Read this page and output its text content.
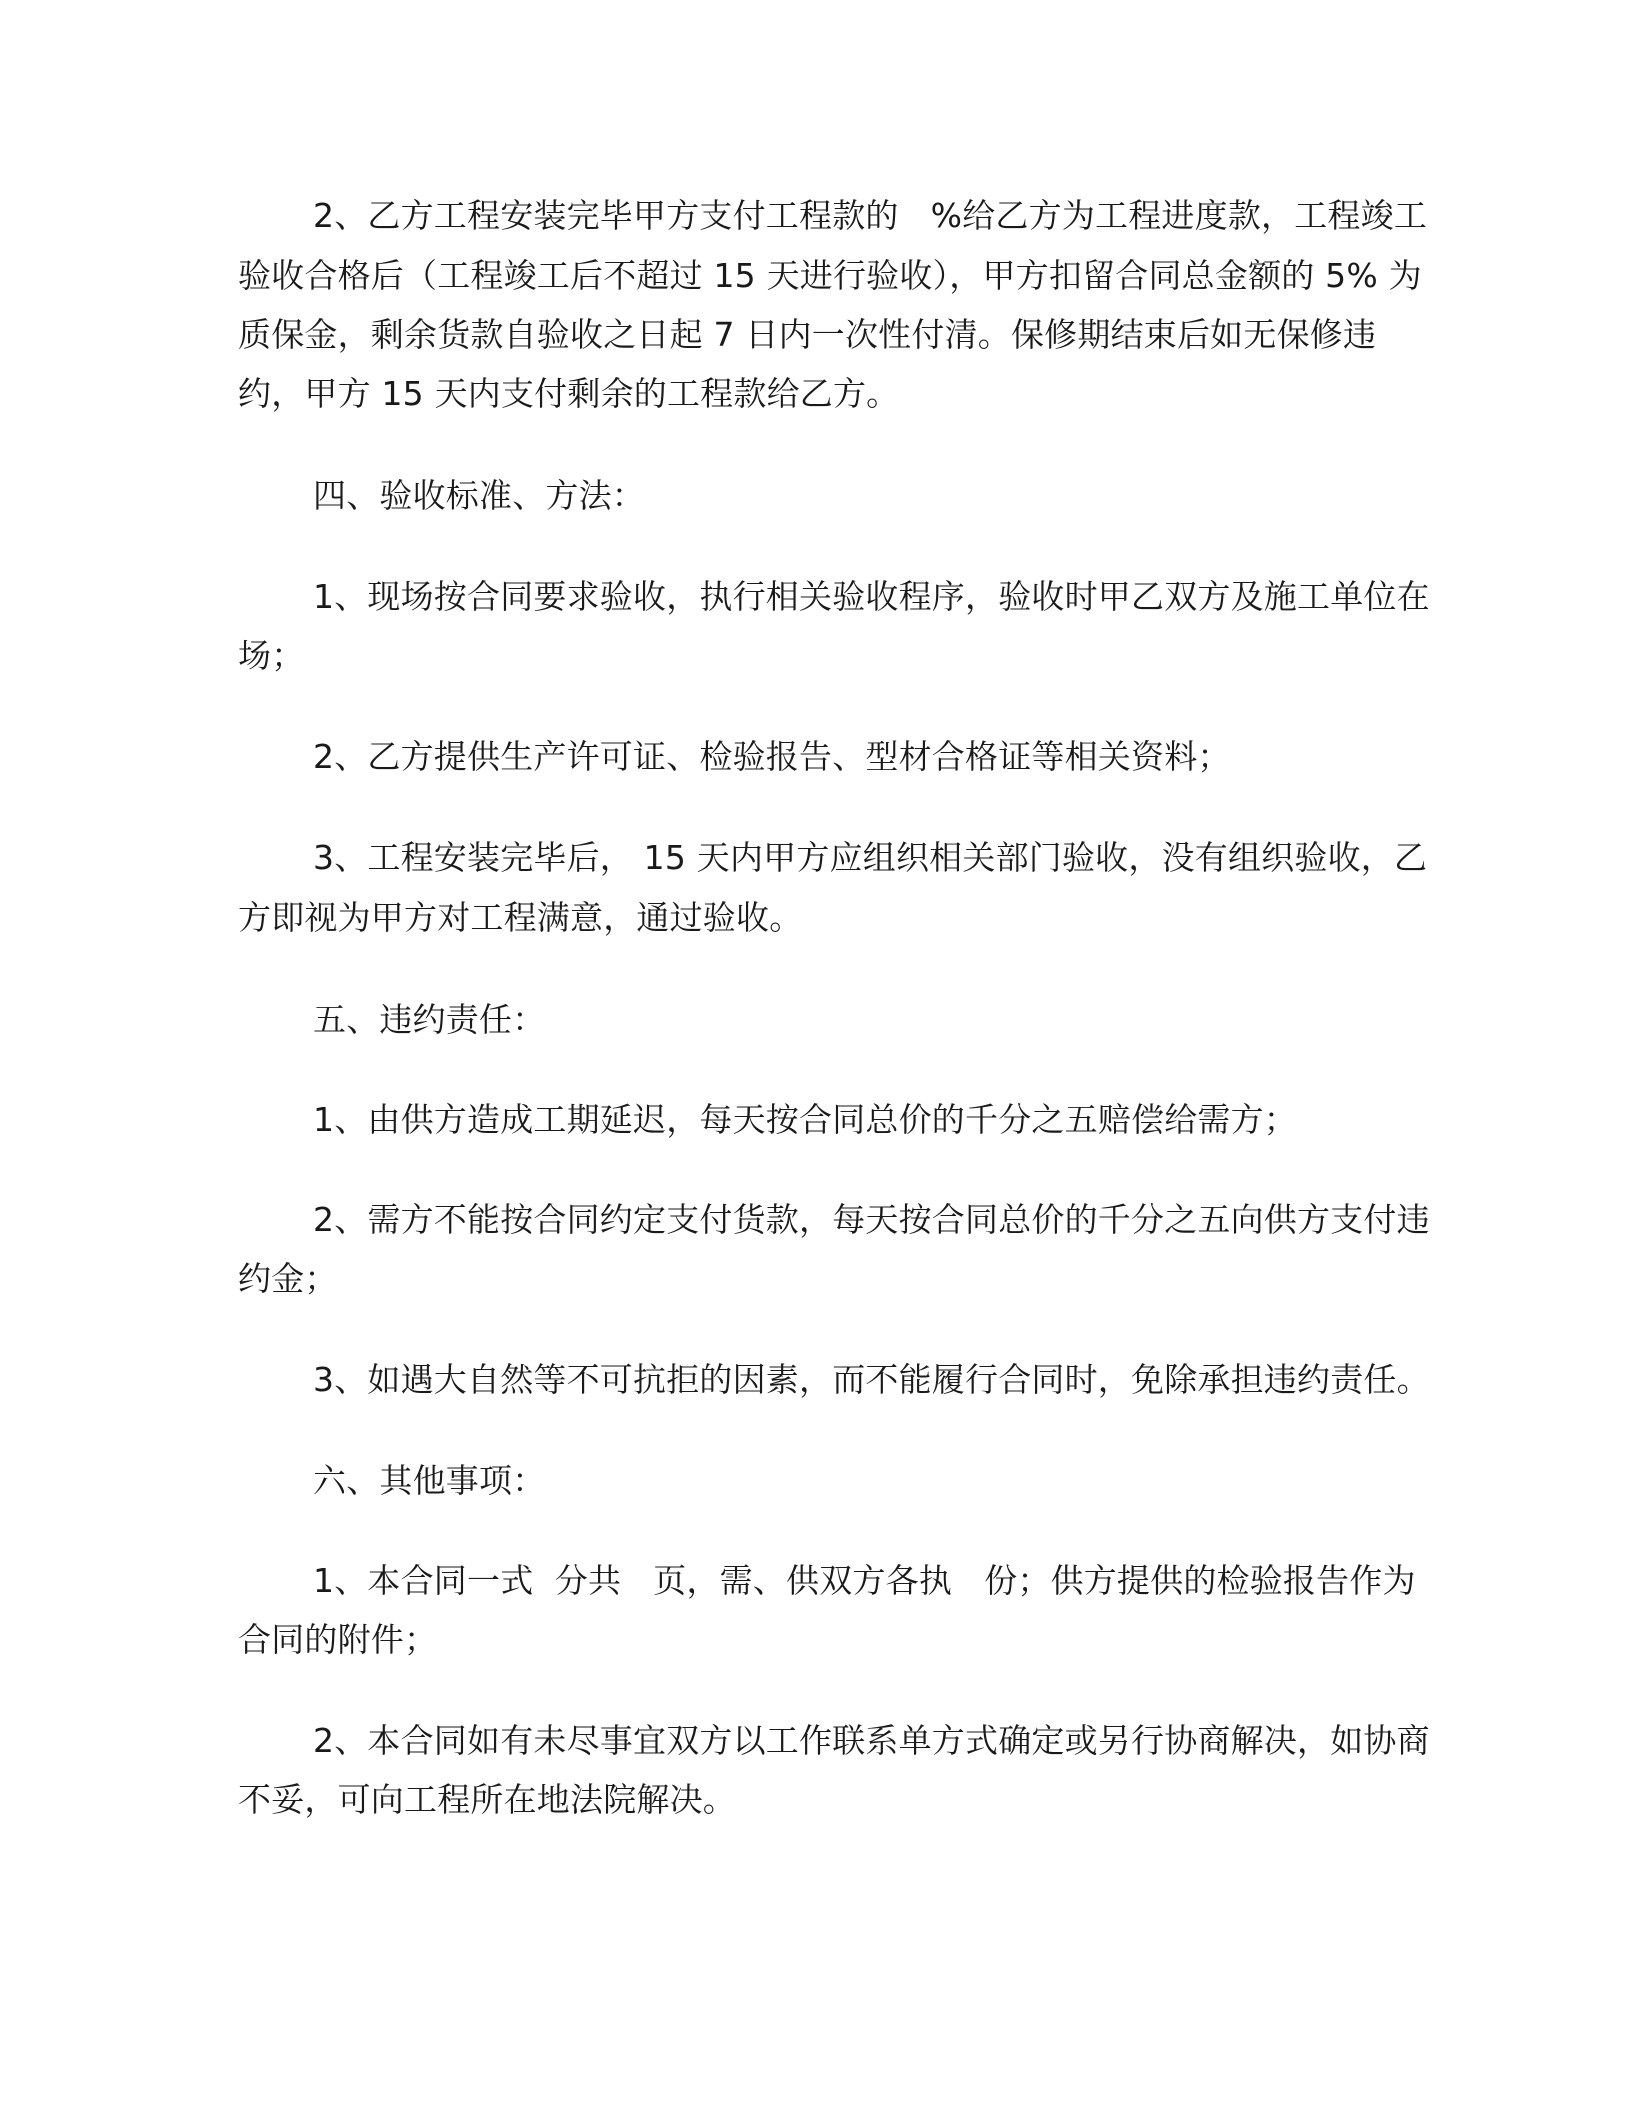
2、乙方工程安装完毕甲方支付工程款的   %给乙方为工程进度款，工程竣工
验收合格后（工程竣工后不超过 15 天进行验收），甲方扣留合同总金额的 5% 为
质保金，剩余货款自验收之日起 7 日内一次性付清。保修期结束后如无保修违
约，甲方 15 天内支付剩余的工程款给乙方。
四、验收标准、方法：
1、现场按合同要求验收，执行相关验收程序，验收时甲乙双方及施工单位在
场；
2、乙方提供生产许可证、检验报告、型材合格证等相关资料；
3、工程安装完毕后， 15 天内甲方应组织相关部门验收，没有组织验收，乙
方即视为甲方对工程满意，通过验收。
五、违约责任：
1、由供方造成工期延迟，每天按合同总价的千分之五赔偿给需方；
2、需方不能按合同约定支付货款，每天按合同总价的千分之五向供方支付违
约金；
3、如遇大自然等不可抗拒的因素，而不能履行合同时，免除承担违约责任。
六、其他事项：
1、本合同一式  分共   页，需、供双方各执   份；供方提供的检验报告作为
合同的附件；
2、本合同如有未尽事宜双方以工作联系单方式确定或另行协商解决，如协商
不妥，可向工程所在地法院解决。
